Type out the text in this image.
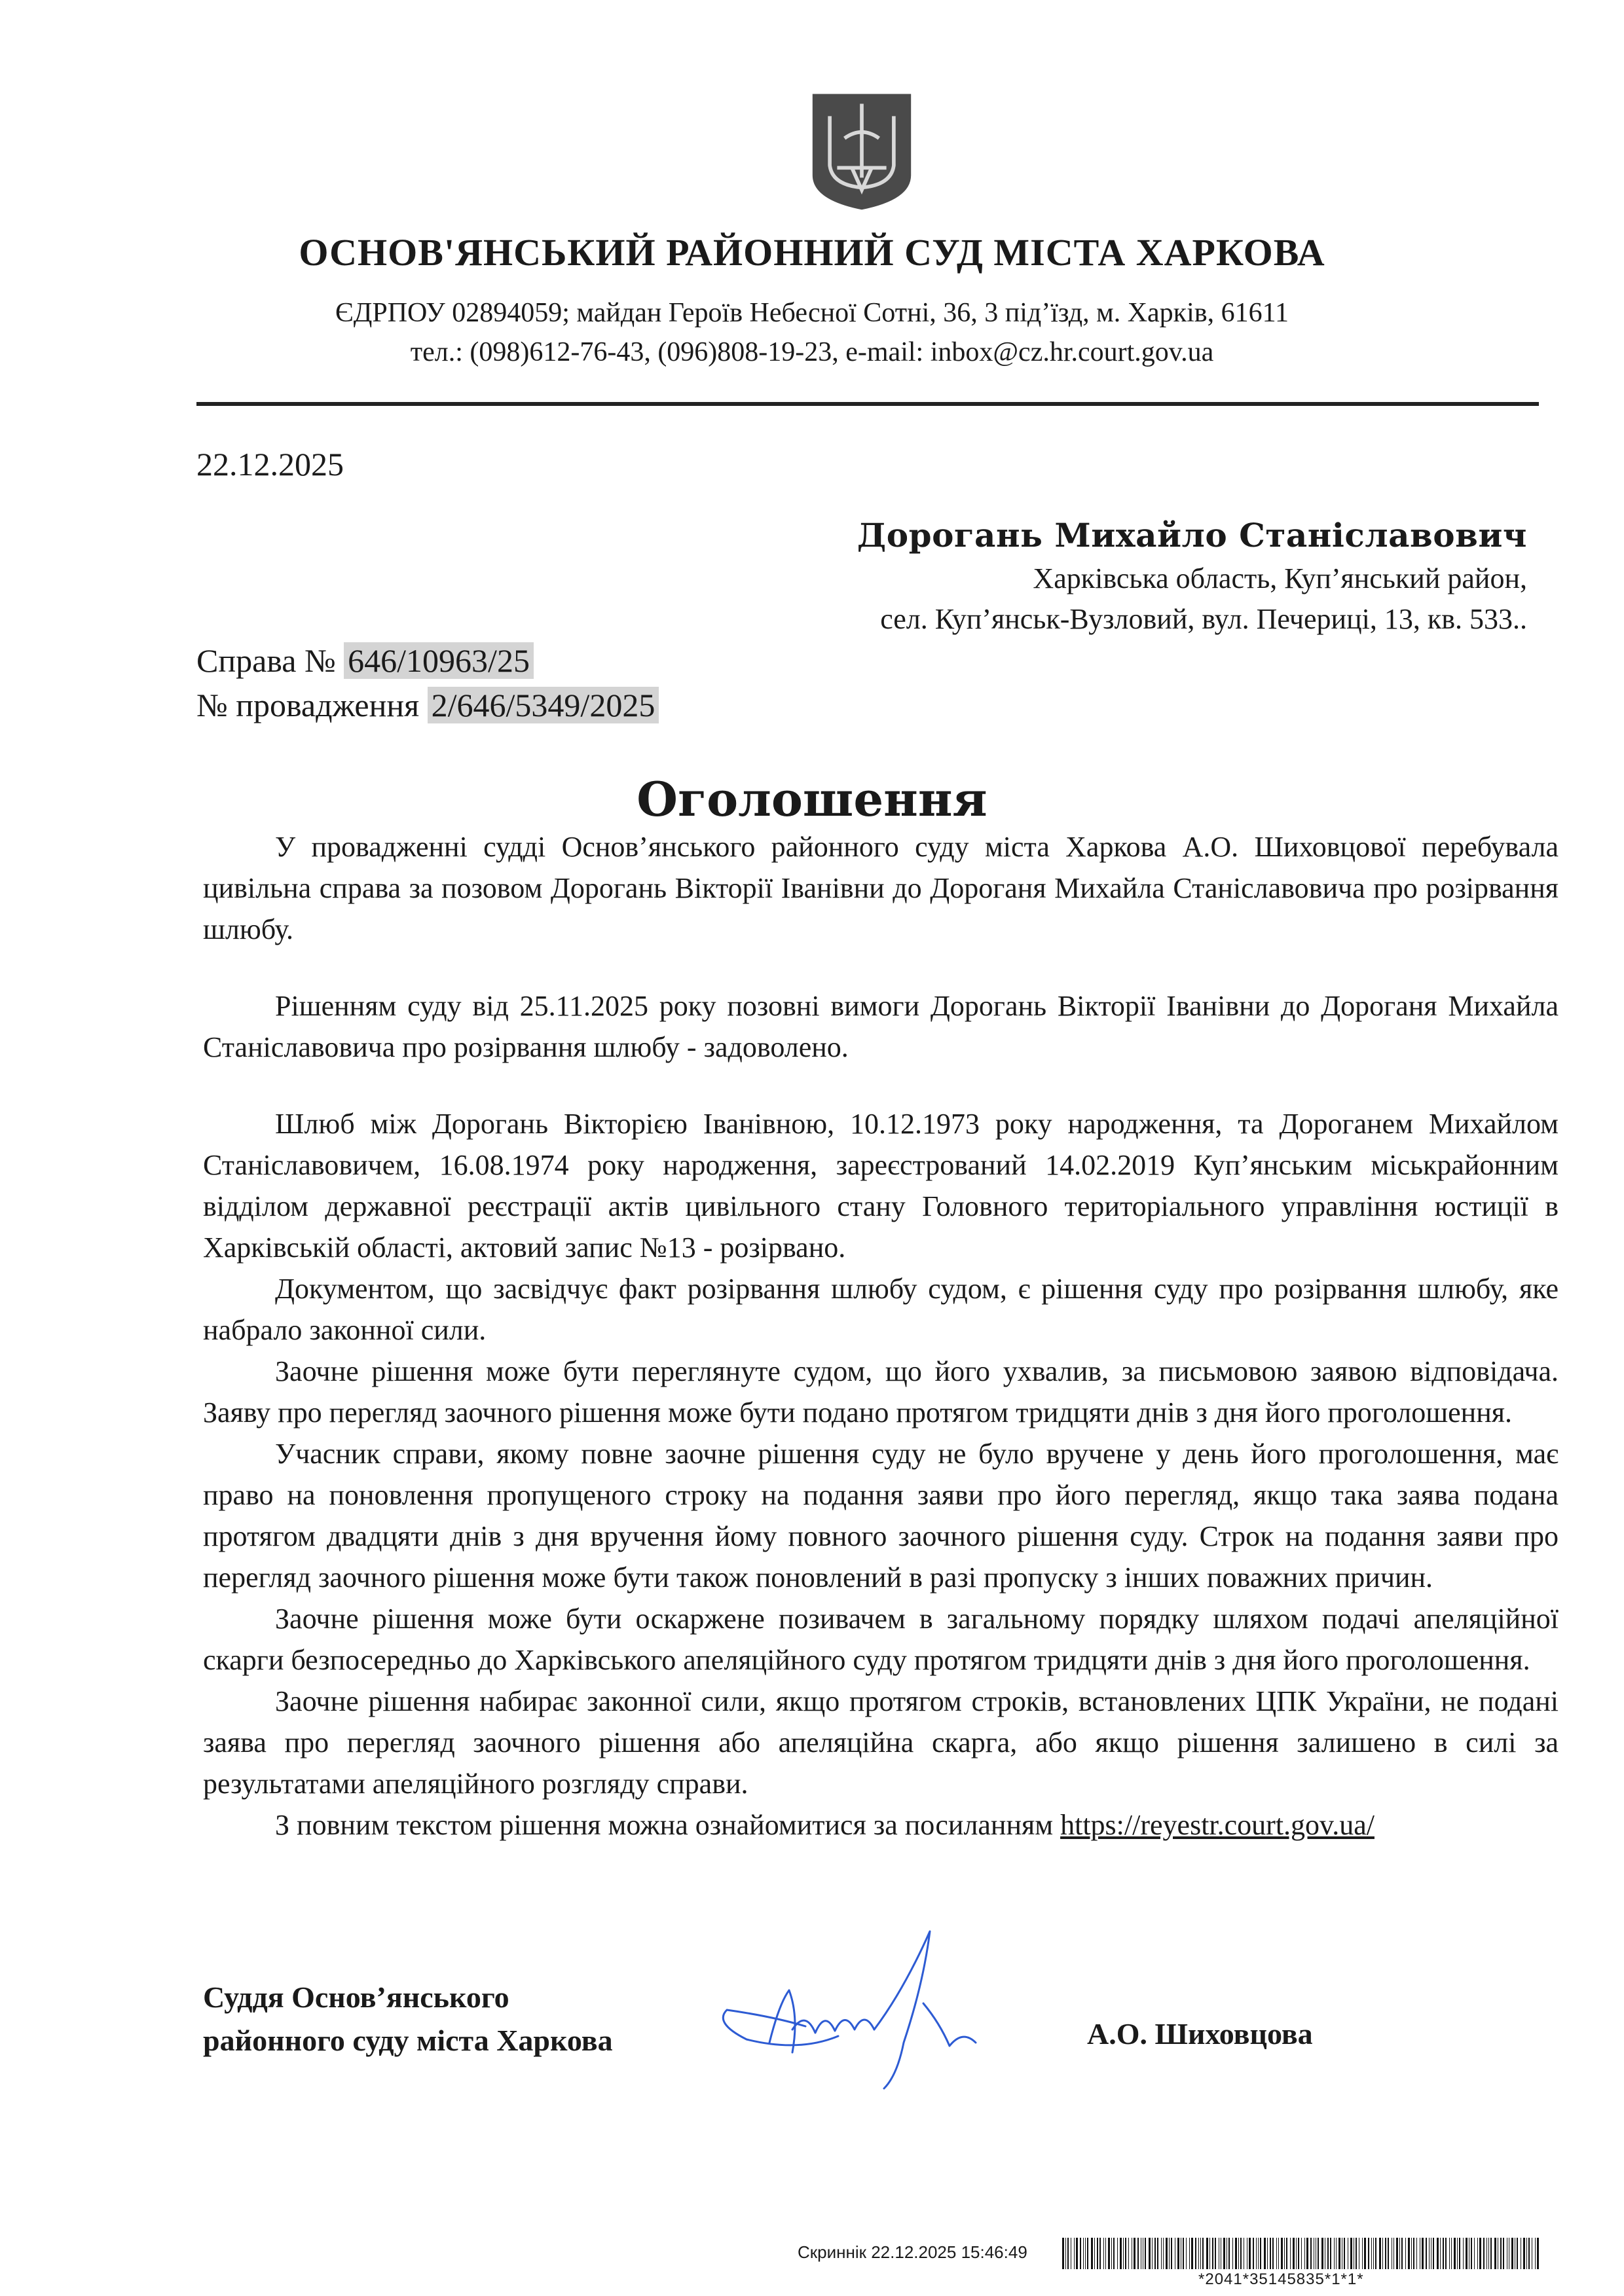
ОСНОВ'ЯНСЬКИЙ РАЙОННИЙ СУД МІСТА ХАРКОВА
ЄДРПОУ 02894059; майдан Героїв Небесної Сотні, 36, 3 під’їзд, м. Харків, 61611
тел.: (098)612-76-43, (096)808-19-23, e-mail: inbox@cz.hr.court.gov.ua
22.12.2025
Дорогань Михайло Станіславович
Харківська область, Куп’янський район,
сел. Куп’янськ-Вузловий, вул. Печериці, 13, кв. 533..
Справа № 646/10963/25
№ провадження 2/646/5349/2025
Оголошення

У провадженні судді Основ’янського районного суду міста Харкова А.О. Шиховцової перебувала цивільна справа за позовом Дорогань Вікторії Іванівни до Дороганя Михайла Станіславовича про розірвання шлюбу.

Рішенням суду від 25.11.2025 року позовні вимоги Дорогань Вікторії Іванівни до Дороганя Михайла Станіславовича про розірвання шлюбу - задоволено.

Шлюб між Дорогань Вікторією Іванівною, 10.12.1973 року народження, та Дороганем Михайлом Станіславовичем, 16.08.1974 року народження, зареєстрований 14.02.2019 Куп’янським міськрайонним відділом державної реєстрації актів цивільного стану Головного територіального управління юстиції в Харківській області, актовий запис №13 - розірвано.

Документом, що засвідчує факт розірвання шлюбу судом, є рішення суду про розірвання шлюбу, яке набрало законної сили.

Заочне рішення може бути переглянуте судом, що його ухвалив, за письмовою заявою відповідача. Заяву про перегляд заочного рішення може бути подано протягом тридцяти днів з дня його проголошення.

Учасник справи, якому повне заочне рішення суду не було вручене у день його проголошення, має право на поновлення пропущеного строку на подання заяви про його перегляд, якщо така заява подана протягом двадцяти днів з дня вручення йому повного заочного рішення суду. Строк на подання заяви про перегляд заочного рішення може бути також поновлений в разі пропуску з інших поважних причин.

Заочне рішення може бути оскаржене позивачем в загальному порядку шляхом подачі апеляційної скарги безпосередньо до Харківського апеляційного суду протягом тридцяти днів з дня його проголошення.

Заочне рішення набирає законної сили, якщо протягом строків, встановлених ЦПК України, не подані заява про перегляд заочного рішення або апеляційна скарга, або якщо рішення залишено в силі за результатами апеляційного розгляду справи.

З повним текстом рішення можна ознайомитися за посиланням https://reyestr.court.gov.ua/

Суддя Основ’янського
районного суду міста Харкова	А.О. Шиховцова
Скриннік 22.12.2025 15:46:49
*2041*35145835*1*1*
